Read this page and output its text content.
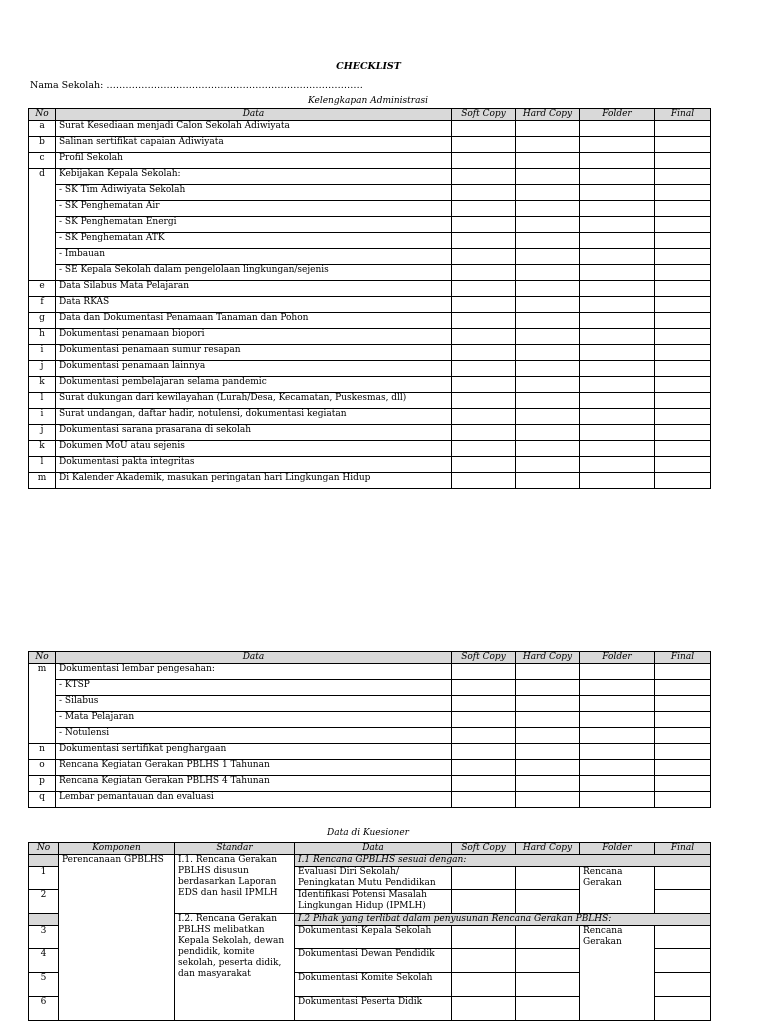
CHECKLIST
Nama Sekolah: ………………………………………………………………………
Kelengkapan Administrasi
No	Data	Soft Copy	Hard Copy	Folder	Final
a	Surat Kesediaan menjadi Calon Sekolah Adiwiyata				
b	Salinan sertifikat capaian Adiwiyata				
c	Profil Sekolah				
d	Kebijakan Kepala Sekolah:				
	- SK Tim Adiwiyata Sekolah				
	- SK Penghematan Air				
	- SK Penghematan Energi				
	- SK Penghematan ATK				
	- Imbauan				
	- SE Kepala Sekolah dalam pengelolaan lingkungan/sejenis				
e	Data Silabus Mata Pelajaran				
f	Data RKAS				
g	Data dan Dokumentasi Penamaan Tanaman dan Pohon				
h	Dokumentasi penamaan biopori				
i	Dokumentasi penamaan sumur resapan				
j	Dokumentasi penamaan lainnya				
k	Dokumentasi pembelajaran selama pandemic				
l	Surat dukungan dari kewilayahan (Lurah/Desa, Kecamatan, Puskesmas, dll)				
i	Surat undangan, daftar hadir, notulensi, dokumentasi kegiatan				
j	Dokumentasi sarana prasarana di sekolah				
k	Dokumen MoU atau sejenis				
l	Dokumentasi pakta integritas				
m	Di Kalender Akademik, masukan peringatan hari Lingkungan Hidup				
No	Data	Soft Copy	Hard Copy	Folder	Final
m	Dokumentasi lembar pengesahan:				
	- KTSP				
	- Silabus				
	- Mata Pelajaran				
	- Notulensi				
n	Dokumentasi sertifikat penghargaan				
o	Rencana Kegiatan Gerakan PBLHS 1 Tahunan				
p	Rencana Kegiatan Gerakan PBLHS 4 Tahunan				
q	Lembar pemantauan dan evaluasi				
Data di Kuesioner
No	Komponen	Standar	Data	Soft Copy	Hard Copy	Folder	Final
	Perencanaan GPBLHS	I.1. Rencana Gerakan PBLHS disusun berdasarkan Laporan EDS dan hasil IPMLH	I.1 Rencana GPBLHS sesuai dengan:				
1			Evaluasi Diri Sekolah/ Peningkatan Mutu Pendidikan			Rencana Gerakan	
2			Identifikasi Potensi Masalah Lingkungan Hidup (IPMLH)				
		I.2. Rencana Gerakan PBLHS melibatkan Kepala Sekolah, dewan pendidik, komite sekolah, peserta didik, dan masyarakat	I.2 Pihak yang terlibat dalam penyusunan Rencana Gerakan PBLHS:				
3			Dokumentasi Kepala Sekolah			Rencana Gerakan	
4			Dokumentasi Dewan Pendidik				
5			Dokumentasi Komite Sekolah				
6			Dokumentasi Peserta Didik				
